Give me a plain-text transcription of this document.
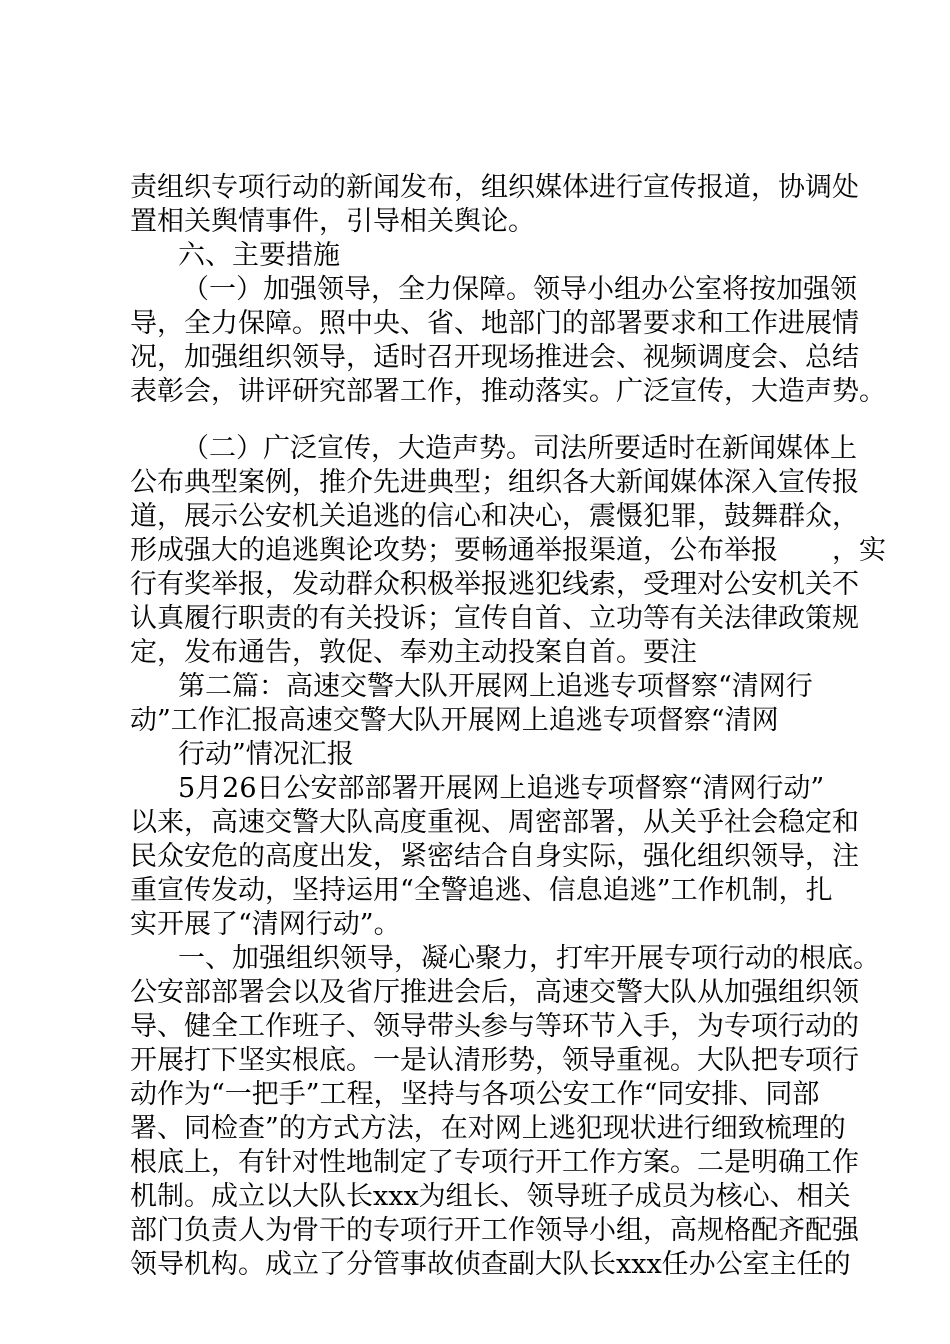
责组织专项行动的新闻发布，组织媒体进行宣传报道，协调处
置相关舆情事件，引导相关舆论。
六、主要措施
（一）加强领导，全力保障。领导小组办公室将按加强领
导，全力保障。照中央、省、地部门的部署要求和工作进展情
况，加强组织领导，适时召开现场推进会、视频调度会、总结
表彰会，讲评研究部署工作，推动落实。广泛宣传，大造声势。
（二）广泛宣传，大造声势。司法所要适时在新闻媒体上
公布典型案例，推介先进典型；组织各大新闻媒体深入宣传报
道，展示公安机关追逃的信心和决心，震慑犯罪，鼓舞群众，
形成强大的追逃舆论攻势；要畅通举报渠道，公布举报　　，实
行有奖举报，发动群众积极举报逃犯线索，受理对公安机关不
认真履行职责的有关投诉；宣传自首、立功等有关法律政策规
定，发布通告，敦促、奉劝主动投案自首。要注
第二篇：高速交警大队开展网上追逃专项督察“清网行
动”工作汇报高速交警大队开展网上追逃专项督察“清网
行动”情况汇报
5月26日公安部部署开展网上追逃专项督察“清网行动”
以来，高速交警大队高度重视、周密部署，从关乎社会稳定和
民众安危的高度出发，紧密结合自身实际，强化组织领导，注
重宣传发动，坚持运用“全警追逃、信息追逃”工作机制，扎
实开展了“清网行动”。
一、加强组织领导，凝心聚力，打牢开展专项行动的根底。
公安部部署会以及省厅推进会后，高速交警大队从加强组织领
导、健全工作班子、领导带头参与等环节入手，为专项行动的
开展打下坚实根底。一是认清形势，领导重视。大队把专项行
动作为“一把手”工程，坚持与各项公安工作“同安排、同部
署、同检查”的方式方法，在对网上逃犯现状进行细致梳理的
根底上，有针对性地制定了专项行开工作方案。二是明确工作
机制。成立以大队长xxx为组长、领导班子成员为核心、相关
部门负责人为骨干的专项行开工作领导小组，高规格配齐配强
领导机构。成立了分管事故侦查副大队长xxx任办公室主任的
